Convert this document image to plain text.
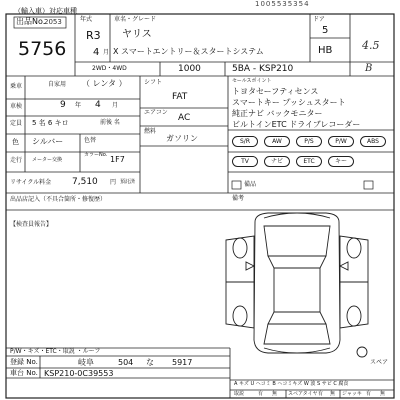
1005535354
（輸入車）対応車種
出品No.
2053
5756
年式
R3
4 月
車名・グレード
ヤリス
X スマートエントリー＆スタートシステム
ドア
5
HB	4.5
B
2WD・4WD	1000	5BA - KSP210
乗車	自家用 （ レンタ ）
車検	9 年 4 月
定員 5 名 6 キロ	前後 名
色 シルバー	色替
カラーNo. 1F7
走行 メーター交換
リサイクル料金 7,510 円 預託済
シフト
FAT
エアコン
AC
燃料
ガソリン
セールスポイント
トヨタセーフティセンス
スマートキー プッシュスタート
純正ナビ バックモニター
ビルトインETC ドライブレコーダー
S/R	AW	P/S	P/W	ABS
TV	ナビ	ETC	キー
備品
備考
出品店記入（不具合箇所・修復歴）
【検査員報告】
スペア
P/W・キズ・ETC・取説 ・ルーフ
登録 No.	岐阜	504 な 5917
車台 No. KSP210-0C39553
A キズ U ヘコミ B ヘコミキズ W 波 S サビ C 腐食
取説	有 無 スペアタイヤ 有 無 ジャッキ 有 無
